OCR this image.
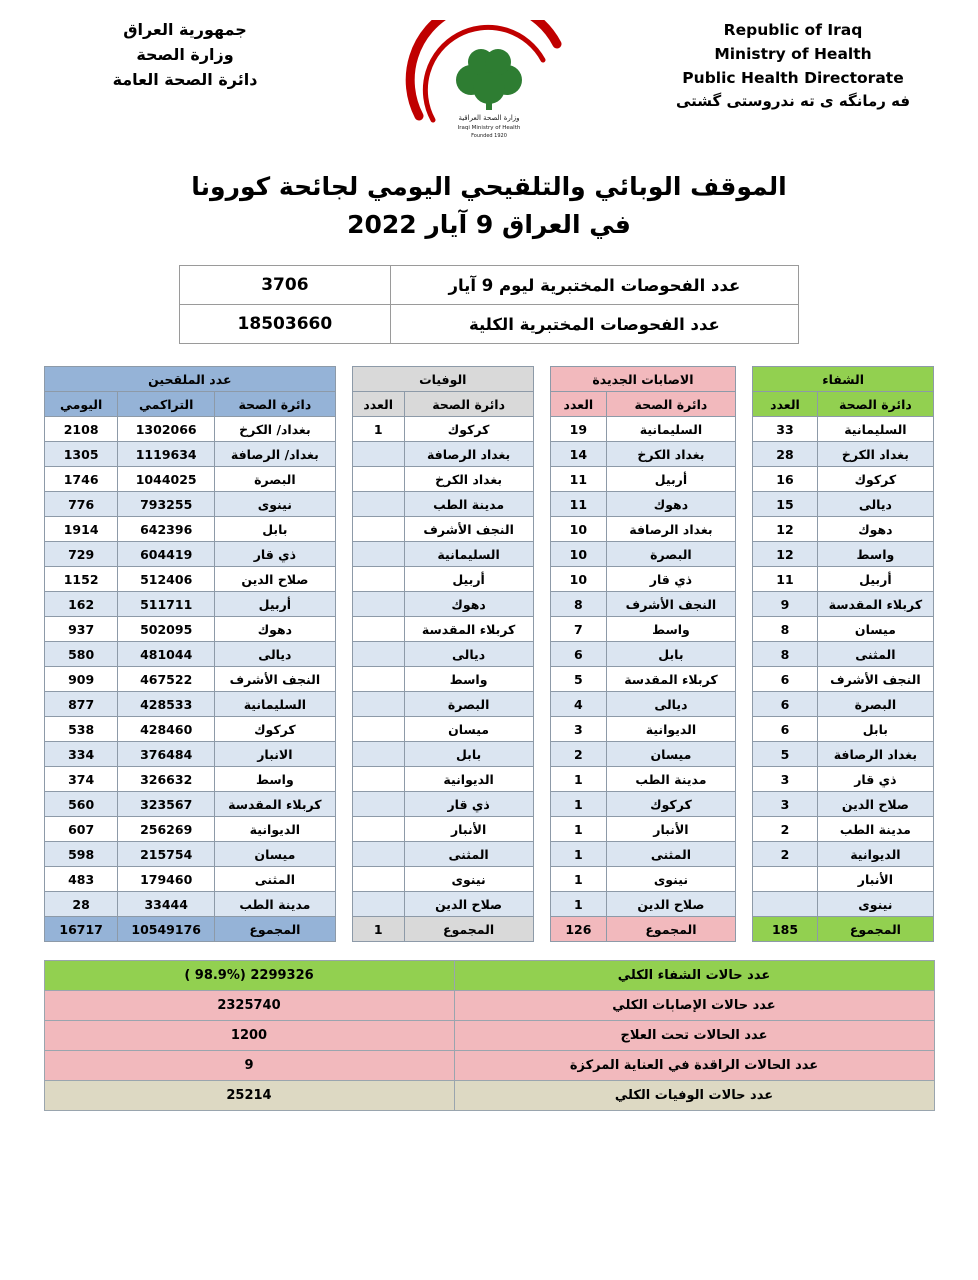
Republic of Iraq
Ministry of Health
Public Health Directorate
فه رمانگه ی ته ندروستی گشتی
وزارة الصحة العراقية
Iraqi Ministry of Health
Founded 1920
جمهورية العراق
وزارة الصحة
دائرة الصحة العامة
الموقف الوبائي والتلقيحي اليومي لجائحة كورونا
في العراق 9 آيار 2022
عدد الفحوصات المختبرية ليوم 9 آيار	3706
عدد الفحوصات المختبرية الكلية	18503660
الشفاء			الاصابات الجديدة			الوفيات			عدد الملقحين		
دائرة الصحة	العدد		دائرة الصحة	العدد		دائرة الصحة	العدد		دائرة الصحة	التراكمي	اليومي
السليمانية	33		السليمانية	19		كركوك	1		بغداد/ الكرخ	1302066	2108
بغداد الكرخ	28		بغداد الكرخ	14		بغداد الرصافة			بغداد/ الرصافة	1119634	1305
كركوك	16		أربيل	11		بغداد الكرخ			البصرة	1044025	1746
ديالى	15		دهوك	11		مدينة الطب			نينوى	793255	776
دهوك	12		بغداد الرصافة	10		النجف الأشرف			بابل	642396	1914
واسط	12		البصرة	10		السليمانية			ذي قار	604419	729
أربيل	11		ذي قار	10		أربيل			صلاح الدين	512406	1152
كربلاء المقدسة	9		النجف الأشرف	8		دهوك			أربيل	511711	162
ميسان	8		واسط	7		كربلاء المقدسة			دهوك	502095	937
المثنى	8		بابل	6		ديالى			ديالى	481044	580
النجف الأشرف	6		كربلاء المقدسة	5		واسط			النجف الأشرف	467522	909
البصرة	6		ديالى	4		البصرة			السليمانية	428533	877
بابل	6		الديوانية	3		ميسان			كركوك	428460	538
بغداد الرصافة	5		ميسان	2		بابل			الانبار	376484	334
ذي قار	3		مدينة الطب	1		الديوانية			واسط	326632	374
صلاح الدين	3		كركوك	1		ذي قار			كربلاء المقدسة	323567	560
مدينة الطب	2		الأنبار	1		الأنبار			الديوانية	256269	607
الديوانية	2		المثنى	1		المثنى			ميسان	215754	598
الأنبار			نينوى	1		نينوى			المثنى	179460	483
نينوى			صلاح الدين	1		صلاح الدين			مدينة الطب	33444	28
المجموع	185		المجموع	126		المجموع	1		المجموع	10549176	16717
عدد حالات الشفاء الكلي	2299326 (98.9% )
عدد حالات الإصابات الكلي	2325740
عدد الحالات تحت العلاج	1200
عدد الحالات الراقدة في العناية المركزة	9
عدد حالات الوفيات الكلي	25214
